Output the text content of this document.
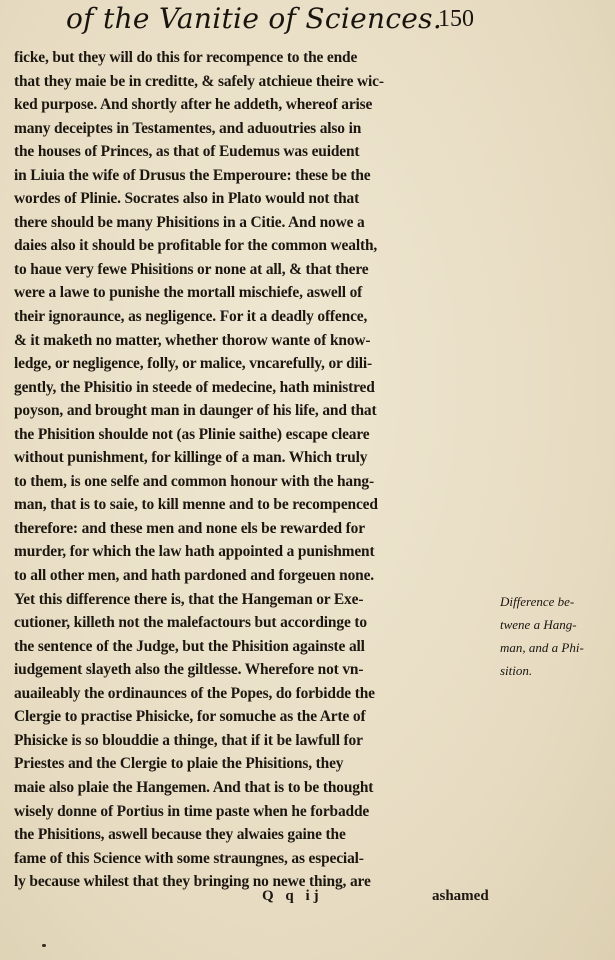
of the Vanitie of Sciences.
150
ficke, but they will do this for recompence to the ende
that they maie be in creditte, & safely atchieue theire wic-
ked purpose. And shortly after he addeth, whereof arise
many deceiptes in Testamentes, and aduoutries also in
the houses of Princes, as that of Eudemus was euident
in Liuia the wife of Drusus the Emperoure: these be the
wordes of Plinie. Socrates also in Plato would not that
there should be many Phisitions in a Citie. And nowe a
daies also it should be profitable for the common wealth,
to haue very fewe Phisitions or none at all, & that there
were a lawe to punishe the mortall mischiefe, aswell of
their ignoraunce, as negligence. For it a deadly offence,
& it maketh no matter, whether thorow wante of know-
ledge, or negligence, folly, or malice, vncarefully, or dili-
gently, the Phisitio in steede of medecine, hath ministred
poyson, and brought man in daunger of his life, and that
the Phisition shoulde not (as Plinie saithe) escape cleare
without punishment, for killinge of a man. Which truly
to them, is one selfe and common honour with the hang-
man, that is to saie, to kill menne and to be recompenced
therefore: and these men and none els be rewarded for
murder, for which the law hath appointed a punishment
to all other men, and hath pardoned and forgeuen none.
Yet this difference there is, that the Hangeman or Exe-
cutioner, killeth not the malefactours but accordinge to
the sentence of the Judge, but the Phisition againste all
iudgement slayeth also the giltlesse. Wherefore not vn-
auaileably the ordinaunces of the Popes, do forbidde the
Clergie to practise Phisicke, for somuche as the Arte of
Phisicke is so blouddie a thinge, that if it be lawfull for
Priestes and the Clergie to plaie the Phisitions, they
maie also plaie the Hangemen. And that is to be thought
wisely donne of Portius in time paste when he forbadde
the Phisitions, aswell because they alwaies gaine the
fame of this Science with some straungnes, as especial-
ly because whilest that they bringing no newe thing, are
Difference be-
twene a Hang-
man, and a Phi-
sition.
Q q ij	ashamed
